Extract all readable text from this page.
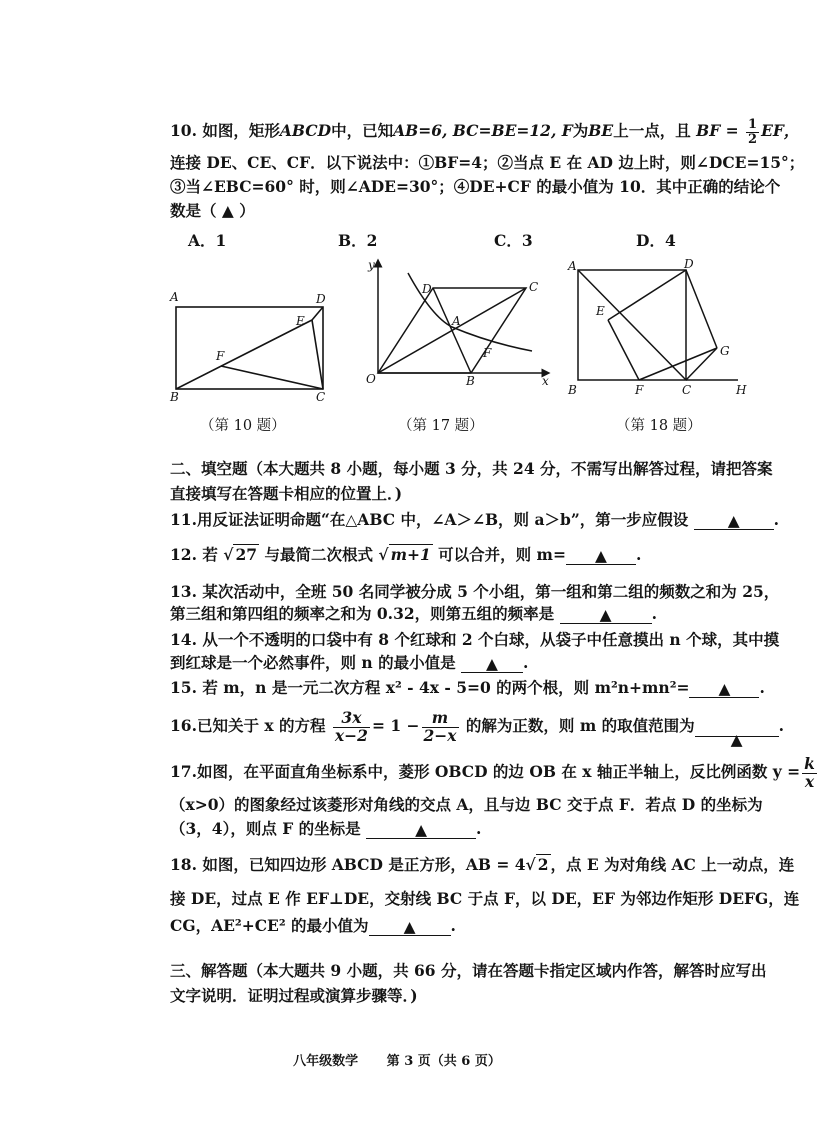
10. 如图，矩形ABCD中，已知AB=6, BC=BE=12, F为BE上一点，且 BF = $\frac{1}{2}$ EF，
连接 DE、CE、CF．以下说法中：①BF=4；②当点 E 在 AD 边上时，则∠DCE=15°；
③当∠EBC=60° 时，则∠ADE=30°；④DE+CF 的最小值为 10．其中正确的结论个
数是（ ▲ ）
A．1	B．2	C．3	D．4
A	D
E
F
B	C
y
D	C
A
F
O	B	x
A	D
E
G
B	F	C	H
（第 10 题）	（第 17 题）	（第 18 题）
二、填空题（本大题共 8 小题，每小题 3 分，共 24 分，不需写出解答过程，请把答案
直接填写在答题卡相应的位置上．)
11.用反证法证明命题“在△ABC 中，∠A＞∠B，则 a＞b”，第一步应假设	▲ .
12. 若 √ 27 与最简二次根式 √ m+1 可以合并，则 m= ▲ .
13. 某次活动中，全班 50 名同学被分成 5 个小组，第一组和第二组的频数之和为 25，
第三组和第四组的频率之和为 0.32，则第五组的频率是	▲	.
14. 从一个不透明的口袋中有 8 个红球和 2 个白球，从袋子中任意摸出 n 个球，其中摸
到红球是一个必然事件，则 n 的最小值是 ▲ .
15. 若 m，n 是一元二次方程 x² - 4x - 5=0 的两个根，则 m²n+mn²= ▲ .
16.已知关于 x 的方程 $\frac{3x}{x-2} = 1 - \frac{m}{2-x}$ 的解为正数，则 m 的取值范围为▲.
17.如图，在平面直角坐标系中，菱形 OBCD 的边 OB 在 x 轴正半轴上，反比例函数 $y = \frac{k}{x}$
（x>0）的图象经过该菱形对角线的交点 A，且与边 BC 交于点 F．若点 D 的坐标为
（3，4），则点 F 的坐标是	▲	.
18. 如图，已知四边形 ABCD 是正方形，AB = 4√ 2 ，点 E 为对角线 AC 上一动点，连
接 DE，过点 E 作 EF⊥DE，交射线 BC 于点 F，以 DE，EF 为邻边作矩形 DEFG，连
CG，AE²+CE² 的最小值为 ▲ .
三、解答题（本大题共 9 小题，共 66 分，请在答题卡指定区域内作答，解答时应写出
文字说明．证明过程或演算步骤等．)
八年级数学 第 3 页（共 6 页）
